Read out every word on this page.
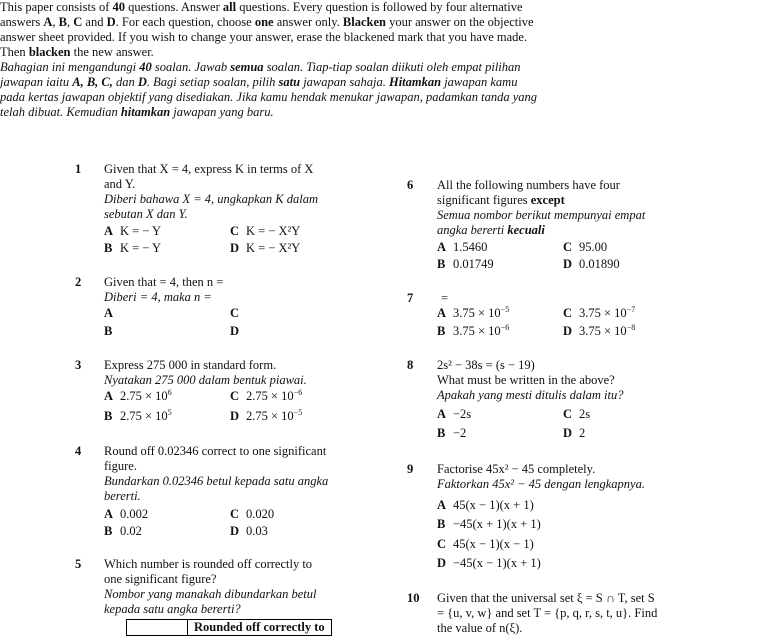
This paper consists of 40 questions. Answer all questions. Every question is followed by four alternative
answers A, B, C and D. For each question, choose one answer only. Blacken your answer on the objective
answer sheet provided. If you wish to change your answer, erase the blackened mark that you have made.
Then blacken the new answer.
Bahagian ini mengandungi 40 soalan. Jawab semua soalan. Tiap-tiap soalan diikuti oleh empat pilihan
jawapan iaitu A, B, C, dan D. Bagi setiap soalan, pilih satu jawapan sahaja. Hitamkan jawapan kamu
pada kertas jawapan objektif yang disediakan. Jika kamu hendak menukar jawapan, padamkan tanda yang
telah dibuat. Kemudian hitamkan jawapan yang baru.
1 Given that X = 4, express K in terms of X
and Y.
Diberi bahawa X = 4, ungkapkan K dalam
sebutan X dan Y.
A K = − Y	C K = − X²Y
B K = − Y	D K = − X²Y
2 Given that = 4, then n =
Diberi = 4, maka n =
A	C
B	D
3 Express 275 000 in standard form.
Nyatakan 275 000 dalam bentuk piawai.
A $2.75 \times 10^6$	C $2.75 \times 10^{-6}$
B $2.75 \times 10^5$	D $2.75 \times 10^{-5}$
4 Round off 0.02346 correct to one significant
figure.
Bundarkan 0.02346 betul kepada satu angka
bererti.
A 0.002	C 0.020
B 0.02	D 0.03
5 Which number is rounded off correctly to
one significant figure?
Nombor yang manakah dibundarkan betul
kepada satu angka bererti?
	Rounded off correctly to
6 All the following numbers have four
significant figures except
Semua nombor berikut mempunyai empat
angka bererti kecuali
A 1.5460	C 95.00
B 0.01749	D 0.01890
7 =
A $3.75 \times 10^{-5}$	C $3.75 \times 10^{-7}$
B $3.75 \times 10^{-6}$	D $3.75 \times 10^{-8}$
8 2s² − 38s = (s − 19)
What must be written in the above?
Apakah yang mesti ditulis dalam itu?
A −2s	C 2s
B −2	D 2
9 Factorise 45x² − 45 completely.
Faktorkan 45x² − 45 dengan lengkapnya.
A 45(x − 1)(x + 1)
B −45(x + 1)(x + 1)
C 45(x − 1)(x − 1)
D −45(x − 1)(x + 1)
10 Given that the universal set ξ = S ∩ T, set S
= {u, v, w} and set T = {p, q, r, s, t, u}. Find
the value of n(ξ).
